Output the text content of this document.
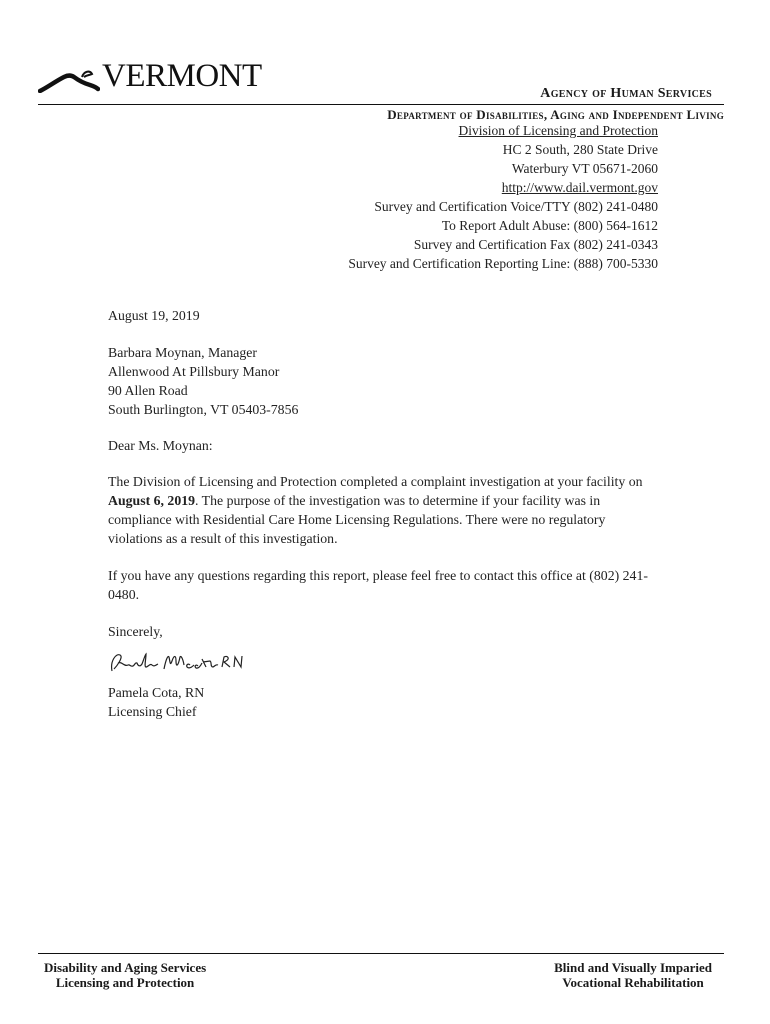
VERMONT	Agency of Human Services
Department of Disabilities, Aging and Independent Living
Division of Licensing and Protection
HC 2 South, 280 State Drive
Waterbury VT 05671-2060
http://www.dail.vermont.gov
Survey and Certification Voice/TTY (802) 241-0480
To Report Adult Abuse: (800) 564-1612
Survey and Certification Fax (802) 241-0343
Survey and Certification Reporting Line: (888) 700-5330

August 19, 2019

Barbara Moynan, Manager
Allenwood At Pillsbury Manor
90 Allen Road
South Burlington, VT 05403-7856

Dear Ms. Moynan:

The Division of Licensing and Protection completed a complaint investigation at your facility on August 6, 2019. The purpose of the investigation was to determine if your facility was in compliance with Residential Care Home Licensing Regulations. There were no regulatory violations as a result of this investigation.

If you have any questions regarding this report, please feel free to contact this office at (802) 241-0480.

Sincerely,

Pamela Cota, RN
Licensing Chief
Disability and Aging Services
Licensing and Protection
Blind and Visually Imparied
Vocational Rehabilitation
